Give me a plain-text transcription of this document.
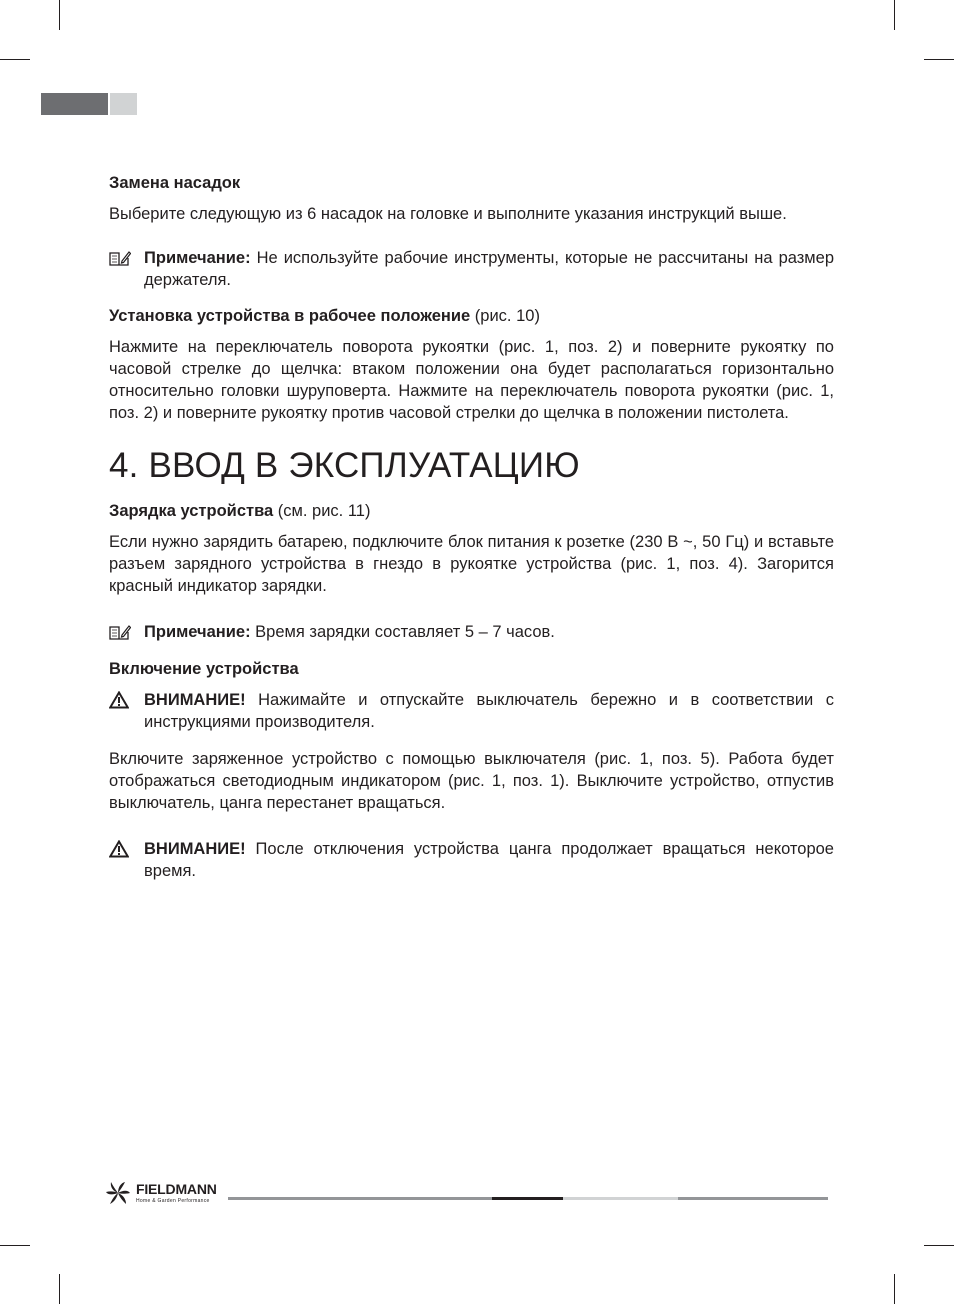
Замена насадок

Выберите следующую из 6 насадок на головке и выполните указания инструкций выше.

Примечание: Не используйте рабочие инструменты, которые не рассчитаны на размер держателя.

Установка устройства в рабочее положение (рис. 10)

Нажмите на переключатель поворота рукоятки (рис. 1, поз. 2) и поверните рукоятку по часовой стрелке до щелчка: втаком положении она будет располагаться горизонтально относительно головки шуруповерта. Нажмите на переключатель поворота рукоятки (рис. 1, поз. 2) и поверните рукоятку против часовой стрелки до щелчка в положении пистолета.

4. ВВОД В ЭКСПЛУАТАЦИЮ

Зарядка устройства (см. рис. 11)

Если нужно зарядить батарею, подключите блок питания к розетке (230 В ~, 50 Гц) и вставьте разъем зарядного устройства в гнездо в рукоятке устройства (рис. 1, поз. 4). Загорится красный индикатор зарядки.

Примечание: Время зарядки составляет 5 – 7 часов.

Включение устройства

ВНИМАНИЕ! Нажимайте и отпускайте выключатель бережно и в соответствии с инструкциями производителя.

Включите заряженное устройство с помощью выключателя (рис. 1, поз. 5). Работа будет отображаться светодиодным индикатором (рис. 1, поз. 1). Выключите устройство, отпустив выключатель, цанга перестанет вращаться.

ВНИМАНИЕ! После отключения устройства цанга продолжает вращаться некоторое время.
FIELDMANN
Home & Garden Performance
